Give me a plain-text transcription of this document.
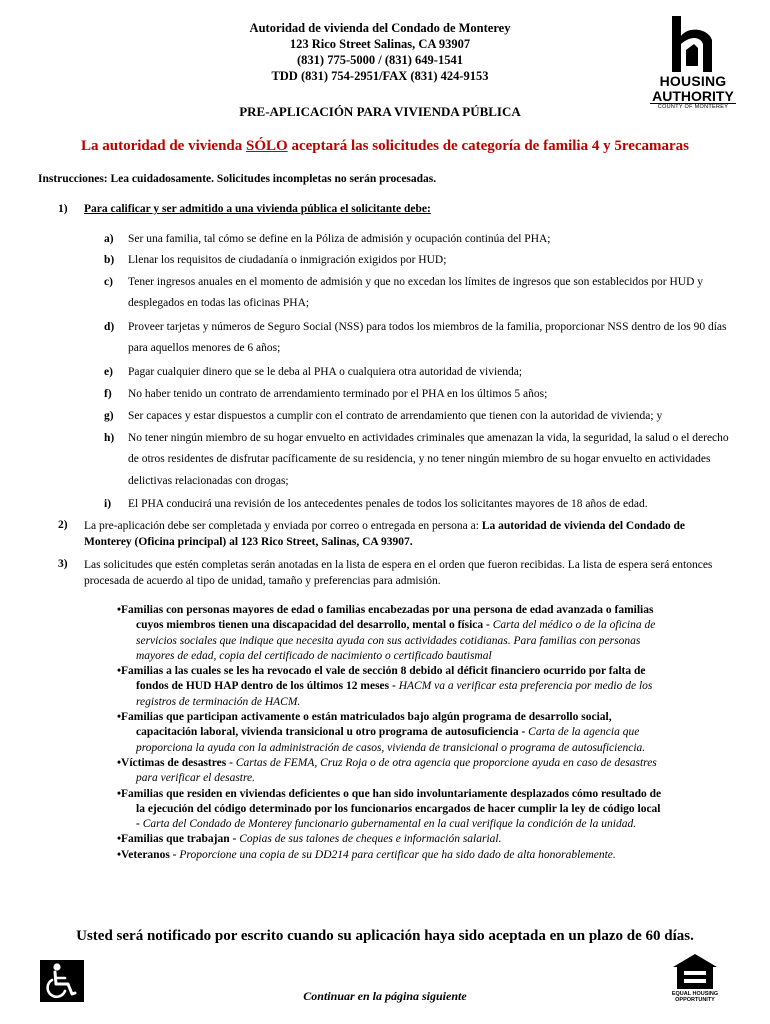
Autoridad de vivienda del Condado de Monterey
123 Rico Street Salinas, CA 93907
(831) 775-5000 / (831) 649-1541
TDD (831) 754-2951/FAX (831) 424-9153	HOUSING
AUTHORITY
COUNTY OF MONTEREY
PRE-APLICACIÓN PARA VIVIENDA PÚBLICA
La autoridad de vivienda SÓLO aceptará las solicitudes de categoría de familia 4 y 5recamaras
Instrucciones: Lea cuidadosamente. Solicitudes incompletas no serán procesadas.
1) Para calificar y ser admitido a una vivienda pública el solicitante debe:
a) Ser una familia, tal cómo se define en la Póliza de admisión y ocupación continúa del PHA;
b) Llenar los requisitos de ciudadanía o inmigración exigidos por HUD;
c) Tener ingresos anuales en el momento de admisión y que no excedan los límites de ingresos que son establecidos por HUD y desplegados en todas las oficinas PHA;
d) Proveer tarjetas y números de Seguro Social (NSS) para todos los miembros de la familia, proporcionar NSS dentro de los 90 días para aquellos menores de 6 años;
e) Pagar cualquier dinero que se le deba al PHA o cualquiera otra autoridad de vivienda;
f) No haber tenido un contrato de arrendamiento terminado por el PHA en los últimos 5 años;
g) Ser capaces y estar dispuestos a cumplir con el contrato de arrendamiento que tienen con la autoridad de vivienda; y
h) No tener ningún miembro de su hogar envuelto en actividades criminales que amenazan la vida, la seguridad, la salud o el derecho de otros residentes de disfrutar pacíficamente de su residencia, y no tener ningún miembro de su hogar envuelto en actividades delictivas relacionadas con drogas;
i) El PHA conducirá una revisión de los antecedentes penales de todos los solicitantes mayores de 18 años de edad.
2) La pre-aplicación debe ser completada y enviada por correo o entregada en persona a: La autoridad de vivienda del Condado de Monterey (Oficina principal) al 123 Rico Street, Salinas, CA 93907.
3) Las solicitudes que estén completas serán anotadas en la lista de espera en el orden que fueron recibidas. La lista de espera será entonces procesada de acuerdo al tipo de unidad, tamaño y preferencias para admisión.
•Familias con personas mayores de edad o familias encabezadas por una persona de edad avanzada o familias cuyos miembros tienen una discapacidad del desarrollo, mental o física - Carta del médico o de la oficina de servicios sociales que indique que necesita ayuda con sus actividades cotidianas. Para familias con personas mayores de edad, copia del certificado de nacimiento o certificado bautismal
•Familias a las cuales se les ha revocado el vale de sección 8 debido al déficit financiero ocurrido por falta de fondos de HUD HAP dentro de los últimos 12 meses - HACM va a verificar esta preferencia por medio de los registros de terminación de HACM.
•Familias que participan activamente o están matriculados bajo algún programa de desarrollo social, capacitación laboral, vivienda transicional u otro programa de autosuficiencia - Carta de la agencia que proporciona la ayuda con la administración de casos, vivienda de transicional o programa de autosuficiencia.
•Víctimas de desastres - Cartas de FEMA, Cruz Roja o de otra agencia que proporcione ayuda en caso de desastres para verificar el desastre.
•Familias que residen en viviendas deficientes o que han sido involuntariamente desplazados cómo resultado de la ejecución del código determinado por los funcionarios encargados de hacer cumplir la ley de código local - Carta del Condado de Monterey funcionario gubernamental en la cual verifique la condición de la unidad.
•Familias que trabajan - Copias de sus talones de cheques e información salarial.
•Veteranos - Proporcione una copia de su DD214 para certificar que ha sido dado de alta honorablemente.
Usted será notificado por escrito cuando su aplicación haya sido aceptada en un plazo de 60 días.
EQUAL HOUSING
OPPORTUNITY
Continuar en la página siguiente
